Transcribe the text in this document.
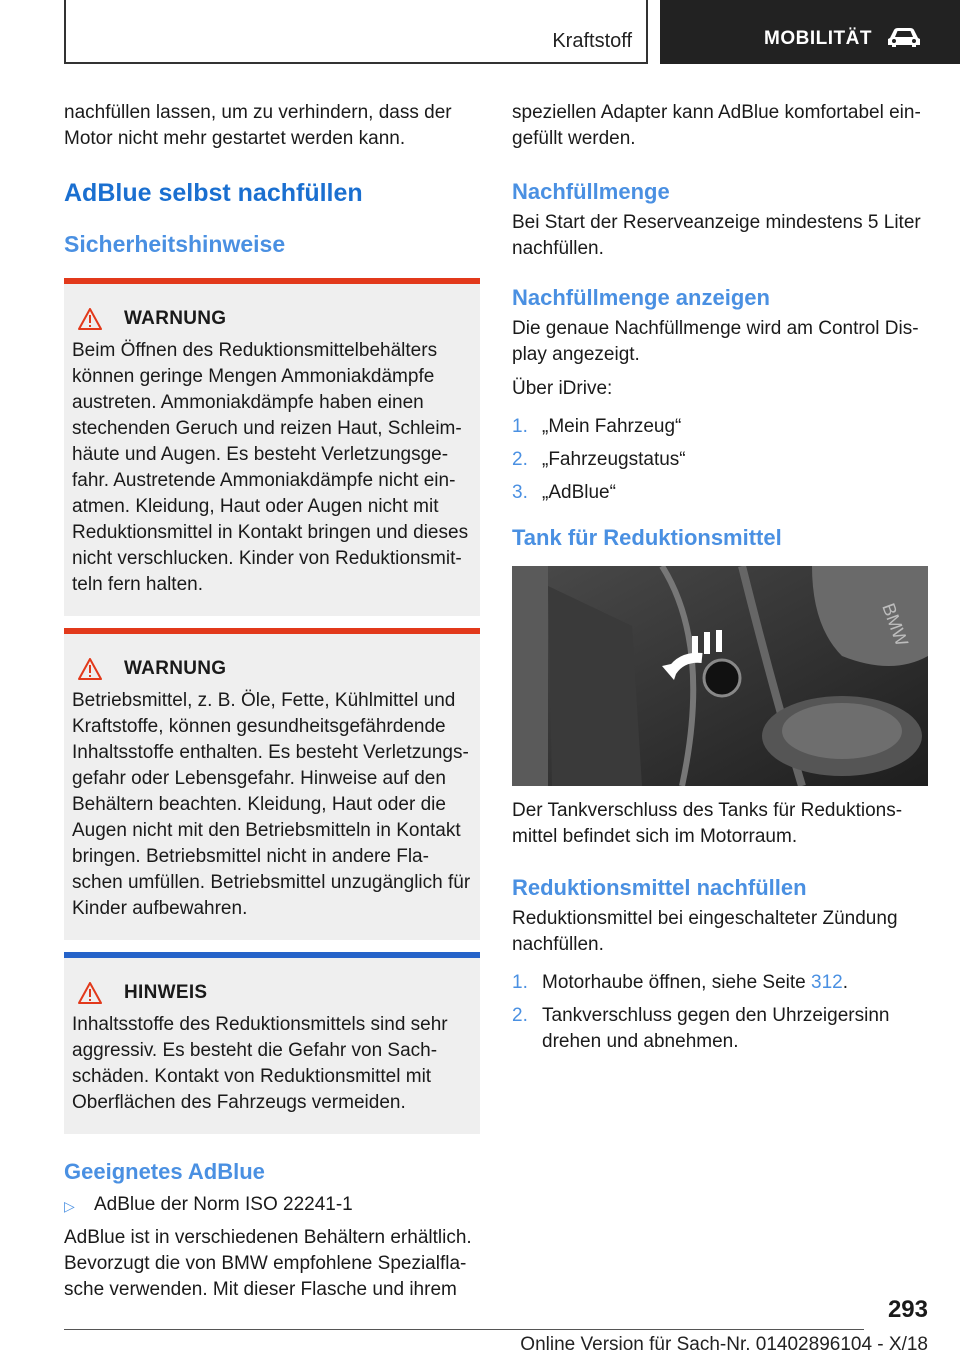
Kraftstoff	MOBILITÄT

nachfüllen lassen, um zu verhindern, dass der Motor nicht mehr gestartet werden kann.

AdBlue selbst nachfüllen
Sicherheitshinweise
WARNUNG

Beim Öffnen des Reduktionsmittelbehälters können geringe Mengen Ammoniakdämpfe austreten. Ammoniakdämpfe haben einen stechenden Geruch und reizen Haut, Schleimhäute und Augen. Es besteht Verletzungsgefahr. Austretende Ammoniakdämpfe nicht einatmen. Kleidung, Haut oder Augen nicht mit Reduktionsmittel in Kontakt bringen und dieses nicht verschlucken. Kinder von Reduktionsmitteln fern halten.

WARNUNG

Betriebsmittel, z. B. Öle, Fette, Kühlmittel und Kraftstoffe, können gesundheitsgefährdende Inhaltsstoffe enthalten. Es besteht Verletzungsgefahr oder Lebensgefahr. Hinweise auf den Behältern beachten. Kleidung, Haut oder die Augen nicht mit den Betriebsmitteln in Kontakt bringen. Betriebsmittel nicht in andere Flaschen umfüllen. Betriebsmittel unzugänglich für Kinder aufbewahren.

HINWEIS

Inhaltsstoffe des Reduktionsmittels sind sehr aggressiv. Es besteht die Gefahr von Sachschäden. Kontakt von Reduktionsmittel mit Oberflächen des Fahrzeugs vermeiden.

Geeignetes AdBlue
▷	AdBlue der Norm ISO 22241-1

AdBlue ist in verschiedenen Behältern erhältlich. Bevorzugt die von BMW empfohlene Spezialflasche verwenden. Mit dieser Flasche und ihrem

speziellen Adapter kann AdBlue komfortabel eingefüllt werden.

Nachfüllmenge

Bei Start der Reserveanzeige mindestens 5 Liter nachfüllen.

Nachfüllmenge anzeigen

Die genaue Nachfüllmenge wird am Control Display angezeigt.

Über iDrive:

1. „Mein Fahrzeug“
2. „Fahrzeugstatus“
3. „AdBlue“
Tank für Reduktionsmittel
BMW

Der Tankverschluss des Tanks für Reduktionsmittel befindet sich im Motorraum.

Reduktionsmittel nachfüllen

Reduktionsmittel bei eingeschalteter Zündung nachfüllen.

1. Motorhaube öffnen, siehe Seite 312.
2. Tankverschluss gegen den Uhrzeigersinn drehen und abnehmen.
293
Online Version für Sach-Nr. 01402896104 - X/18
